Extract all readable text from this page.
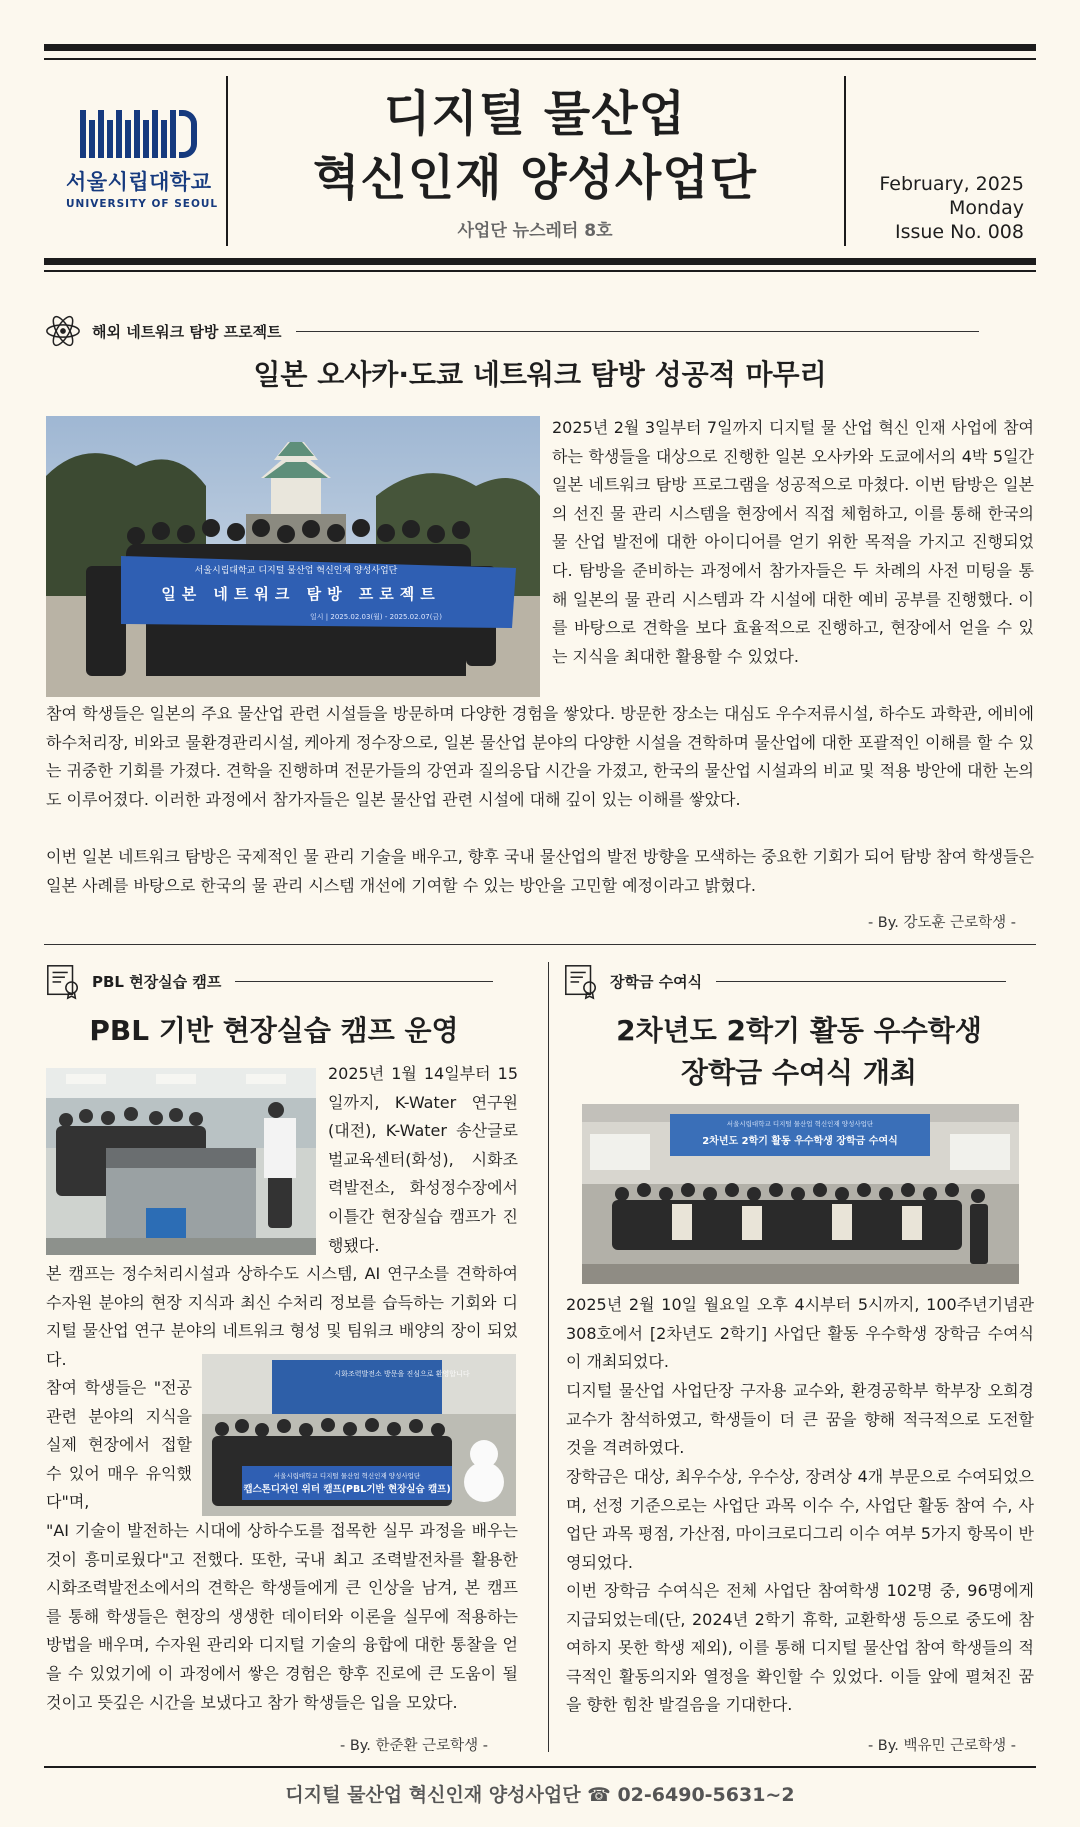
서울시립대학교
UNIVERSITY OF SEOUL
디지털 물산업
혁신인재 양성사업단
사업단 뉴스레터 8호
February, 2025
Monday
Issue No. 008
해외 네트워크 탐방 프로젝트
일본 오사카·도쿄 네트워크 탐방 성공적 마무리
서울시립대학교 디지털 물산업 혁신인재 양성사업단
일본 네트워크 탐방 프로젝트
일시 | 2025.02.03(월) - 2025.02.07(금)
2025년 2월 3일부터 7일까지 디지털 물 산업 혁신 인재 사업에 참여하는 학생들을 대상으로 진행한 일본 오사카와 도쿄에서의 4박 5일간 일본 네트워크 탐방 프로그램을 성공적으로 마쳤다. 이번 탐방은 일본의 선진 물 관리 시스템을 현장에서 직접 체험하고, 이를 통해 한국의 물 산업 발전에 대한 아이디어를 얻기 위한 목적을 가지고 진행되었다. 탐방을 준비하는 과정에서 참가자들은 두 차례의 사전 미팅을 통해 일본의 물 관리 시스템과 각 시설에 대한 예비 공부를 진행했다. 이를 바탕으로 견학을 보다 효율적으로 진행하고, 현장에서 얻을 수 있는 지식을 최대한 활용할 수 있었다.
참여 학생들은 일본의 주요 물산업 관련 시설들을 방문하며 다양한 경험을 쌓았다. 방문한 장소는 대심도 우수저류시설, 하수도 과학관, 에비에 하수처리장, 비와코 물환경관리시설, 케아게 정수장으로, 일본 물산업 분야의 다양한 시설을 견학하며 물산업에 대한 포괄적인 이해를 할 수 있는 귀중한 기회를 가졌다. 견학을 진행하며 전문가들의 강연과 질의응답 시간을 가졌고, 한국의 물산업 시설과의 비교 및 적용 방안에 대한 논의도 이루어졌다. 이러한 과정에서 참가자들은 일본 물산업 관련 시설에 대해 깊이 있는 이해를 쌓았다.
이번 일본 네트워크 탐방은 국제적인 물 관리 기술을 배우고, 향후 국내 물산업의 발전 방향을 모색하는 중요한 기회가 되어 탐방 참여 학생들은 일본 사례를 바탕으로 한국의 물 관리 시스템 개선에 기여할 수 있는 방안을 고민할 예정이라고 밝혔다.
- By. 강도훈 근로학생 -
PBL 현장실습 캠프
PBL 기반 현장실습 캠프 운영
2025년 1월 14일부터 15일까지, K-Water 연구원(대전), K-Water 송산글로벌교육센터(화성), 시화조력발전소, 화성정수장에서 이틀간 현장실습 캠프가 진행됐다.
본 캠프는 정수처리시설과 상하수도 시스템, AI 연구소를 견학하여 수자원 분야의 현장 지식과 최신 수처리 정보를 습득하는 기회와 디지털 물산업 연구 분야의 네트워크 형성 및 팀워크 배양의 장이 되었다.
시화조력발전소 방문을 진심으로 환영합니다
서울시립대학교 디지털 물산업 혁신인재 양성사업단
캡스톤디자인 위터 캠프(PBL기반 현장실습 캠프)
참여 학생들은 "전공 관련 분야의 지식을 실제 현장에서 접할 수 있어 매우 유익했다"며,
"AI 기술이 발전하는 시대에 상하수도를 접목한 실무 과정을 배우는 것이 흥미로웠다"고 전했다. 또한, 국내 최고 조력발전차를 활용한 시화조력발전소에서의 견학은 학생들에게 큰 인상을 남겨, 본 캠프를 통해 학생들은 현장의 생생한 데이터와 이론을 실무에 적용하는 방법을 배우며, 수자원 관리와 디지털 기술의 융합에 대한 통찰을 얻을 수 있었기에 이 과정에서 쌓은 경험은 향후 진로에 큰 도움이 될 것이고 뜻깊은 시간을 보냈다고 참가 학생들은 입을 모았다.
- By. 한준환 근로학생 -
장학금 수여식
2차년도 2학기 활동 우수학생
장학금 수여식 개최
서울시립대학교 디지털 물산업 혁신인재 양성사업단
2차년도 2학기 활동 우수학생 장학금 수여식
2025년 2월 10일 월요일 오후 4시부터 5시까지, 100주년기념관 308호에서 [2차년도 2학기] 사업단 활동 우수학생 장학금 수여식이 개최되었다.
디지털 물산업 사업단장 구자용 교수와, 환경공학부 학부장 오희경 교수가 참석하였고, 학생들이 더 큰 꿈을 향해 적극적으로 도전할 것을 격려하였다.
장학금은 대상, 최우수상, 우수상, 장려상 4개 부문으로 수여되었으며, 선정 기준으로는 사업단 과목 이수 수, 사업단 활동 참여 수, 사업단 과목 평점, 가산점, 마이크로디그리 이수 여부 5가지 항목이 반영되었다.
이번 장학금 수여식은 전체 사업단 참여학생 102명 중, 96명에게 지급되었는데(단, 2024년 2학기 휴학, 교환학생 등으로 중도에 참여하지 못한 학생 제외), 이를 통해 디지털 물산업 참여 학생들의 적극적인 활동의지와 열정을 확인할 수 있었다. 이들 앞에 펼쳐진 꿈을 향한 힘찬 발걸음을 기대한다.
- By. 백유민 근로학생 -
디지털 물산업 혁신인재 양성사업단 ☎ 02-6490-5631~2
